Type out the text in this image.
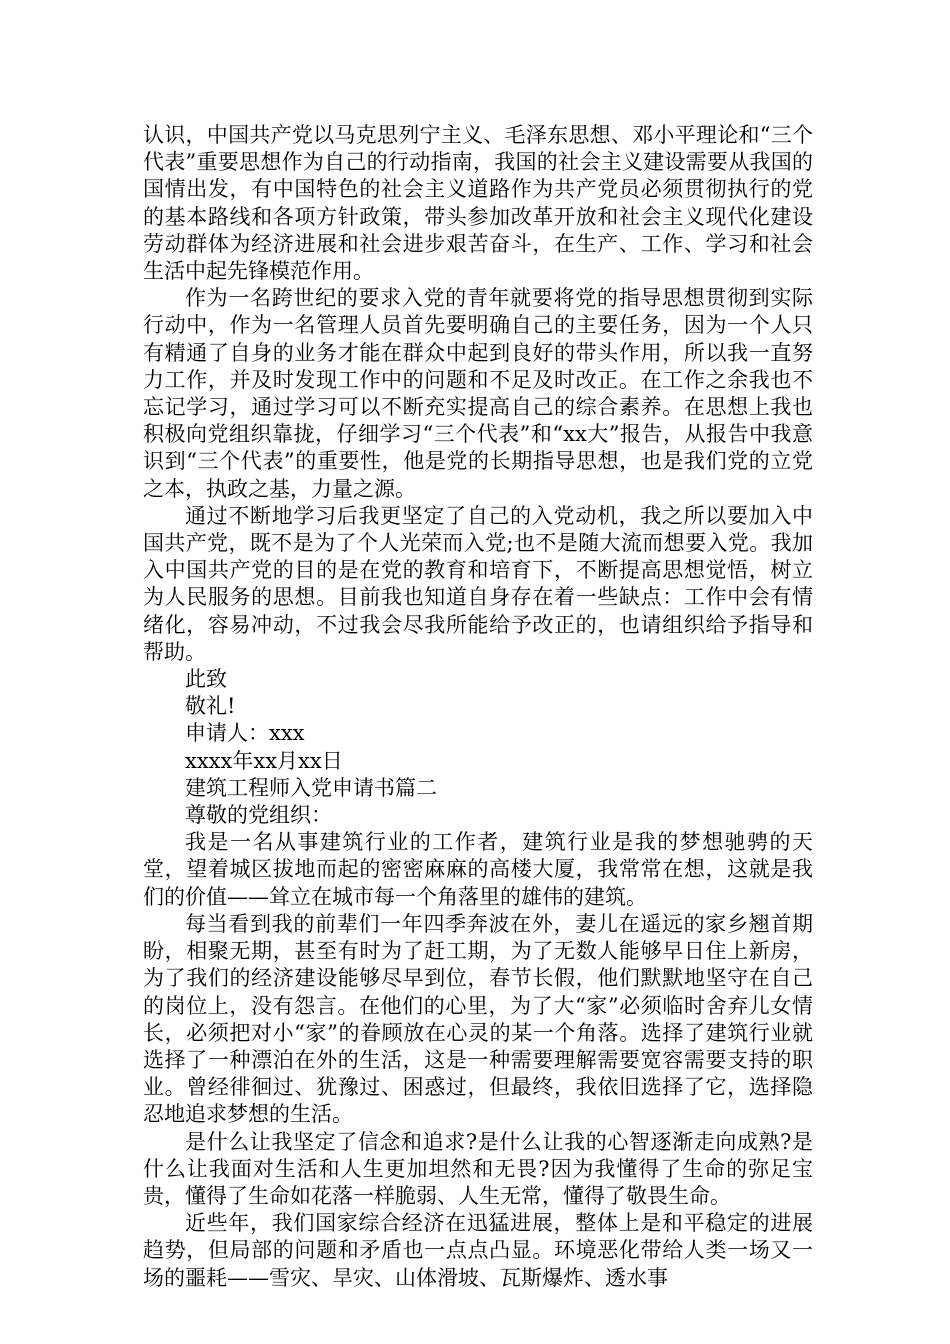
认识，中国共产党以马克思列宁主义、毛泽东思想、邓小平理论和“三个代表”重要思想作为自己的行动指南，我国的社会主义建设需要从我国的国情出发，有中国特色的社会主义道路作为共产党员必须贯彻执行的党的基本路线和各项方针政策，带头参加改革开放和社会主义现代化建设劳动群体为经济进展和社会进步艰苦奋斗，在生产、工作、学习和社会生活中起先锋模范作用。

作为一名跨世纪的要求入党的青年就要将党的指导思想贯彻到实际行动中，作为一名管理人员首先要明确自己的主要任务，因为一个人只有精通了自身的业务才能在群众中起到良好的带头作用，所以我一直努力工作，并及时发现工作中的问题和不足及时改正。在工作之余我也不忘记学习，通过学习可以不断充实提高自己的综合素养。在思想上我也积极向党组织靠拢，仔细学习“三个代表”和“xx大”报告，从报告中我意识到“三个代表”的重要性，他是党的长期指导思想，也是我们党的立党之本，执政之基，力量之源。

通过不断地学习后我更坚定了自己的入党动机，我之所以要加入中国共产党，既不是为了个人光荣而入党;也不是随大流而想要入党。我加入中国共产党的目的是在党的教育和培育下，不断提高思想觉悟，树立为人民服务的思想。目前我也知道自身存在着一些缺点：工作中会有情绪化，容易冲动，不过我会尽我所能给予改正的，也请组织给予指导和帮助。

此致

敬礼!

申请人：xxx

xxxx年xx月xx日

建筑工程师入党申请书篇二

尊敬的党组织：

我是一名从事建筑行业的工作者，建筑行业是我的梦想驰骋的天堂，望着城区拔地而起的密密麻麻的高楼大厦，我常常在想，这就是我们的价值——耸立在城市每一个角落里的雄伟的建筑。

每当看到我的前辈们一年四季奔波在外，妻儿在遥远的家乡翘首期盼，相聚无期，甚至有时为了赶工期，为了无数人能够早日住上新房，为了我们的经济建设能够尽早到位，春节长假，他们默默地坚守在自己的岗位上，没有怨言。在他们的心里，为了大“家”必须临时舍弃儿女情长，必须把对小“家”的眷顾放在心灵的某一个角落。选择了建筑行业就选择了一种漂泊在外的生活，这是一种需要理解需要宽容需要支持的职业。曾经徘徊过、犹豫过、困惑过，但最终，我依旧选择了它，选择隐忍地追求梦想的生活。

是什么让我坚定了信念和追求?是什么让我的心智逐渐走向成熟?是什么让我面对生活和人生更加坦然和无畏?因为我懂得了生命的弥足宝贵，懂得了生命如花落一样脆弱、人生无常，懂得了敬畏生命。

近些年，我们国家综合经济在迅猛进展，整体上是和平稳定的进展趋势，但局部的问题和矛盾也一点点凸显。环境恶化带给人类一场又一场的噩耗——雪灾、旱灾、山体滑坡、瓦斯爆炸、透水事
